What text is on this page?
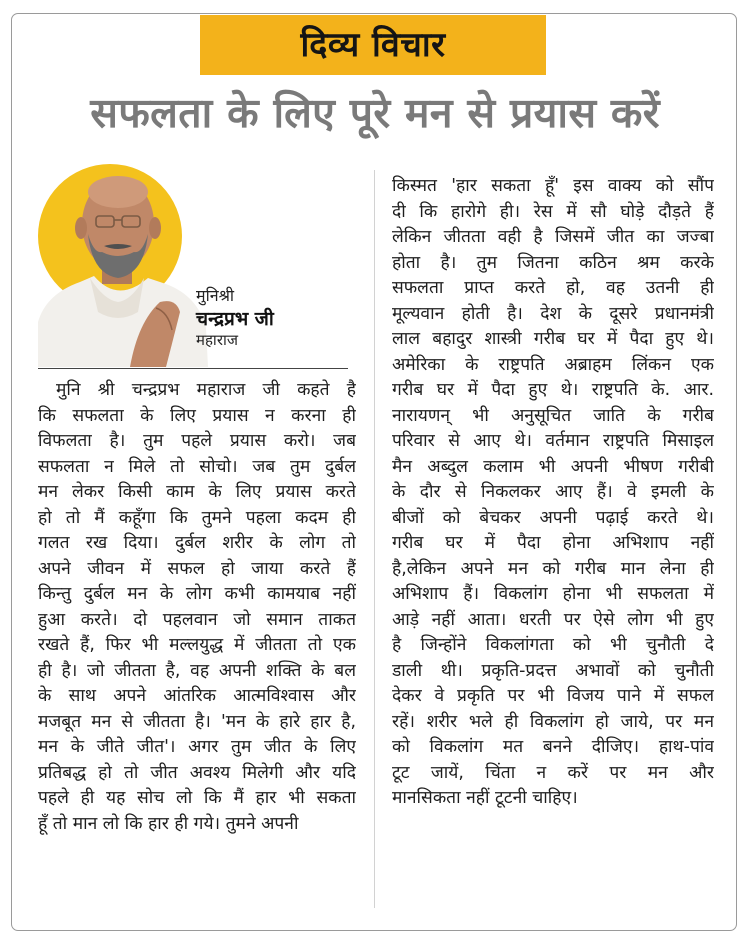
दिव्य विचार
सफलता के लिए पूरे मन से प्रयास करें
मुनिश्री
चन्द्रप्रभ जी
महाराज
मुनि श्री चन्द्रप्रभ महाराज जी कहते है
कि सफलता के लिए प्रयास न करना ही
विफलता है। तुम पहले प्रयास करो। जब
सफलता न मिले तो सोचो। जब तुम दुर्बल
मन लेकर किसी काम के लिए प्रयास करते
हो तो मैं कहूँगा कि तुमने पहला कदम ही
गलत रख दिया। दुर्बल शरीर के लोग तो
अपने जीवन में सफल हो जाया करते हैं
किन्तु दुर्बल मन के लोग कभी कामयाब नहीं
हुआ करते। दो पहलवान जो समान ताकत
रखते हैं, फिर भी मल्लयुद्ध में जीतता तो एक
ही है। जो जीतता है, वह अपनी शक्ति के बल
के साथ अपने आंतरिक आत्मविश्वास और
मजबूत मन से जीतता है। 'मन के हारे हार है,
मन के जीते जीत'। अगर तुम जीत के लिए
प्रतिबद्ध हो तो जीत अवश्य मिलेगी और यदि
पहले ही यह सोच लो कि मैं हार भी सकता
हूँ तो मान लो कि हार ही गये। तुमने अपनी
किस्मत 'हार सकता हूँ' इस वाक्य को सौंप
दी कि हारोगे ही। रेस में सौ घोड़े दौड़ते हैं
लेकिन जीतता वही है जिसमें जीत का जज्बा
होता है। तुम जितना कठिन श्रम करके
सफलता प्राप्त करते हो, वह उतनी ही
मूल्यवान होती है। देश के दूसरे प्रधानमंत्री
लाल बहादुर शास्त्री गरीब घर में पैदा हुए थे।
अमेरिका के राष्ट्रपति अब्राहम लिंकन एक
गरीब घर में पैदा हुए थे। राष्ट्रपति के. आर.
नारायणन् भी अनुसूचित जाति के गरीब
परिवार से आए थे। वर्तमान राष्ट्रपति मिसाइल
मैन अब्दुल कलाम भी अपनी भीषण गरीबी
के दौर से निकलकर आए हैं। वे इमली के
बीजों को बेचकर अपनी पढ़ाई करते थे।
गरीब घर में पैदा होना अभिशाप नहीं
है,लेकिन अपने मन को गरीब मान लेना ही
अभिशाप हैं। विकलांग होना भी सफलता में
आड़े नहीं आता। धरती पर ऐसे लोग भी हुए
है जिन्होंने विकलांगता को भी चुनौती दे
डाली थी। प्रकृति-प्रदत्त अभावों को चुनौती
देकर वे प्रकृति पर भी विजय पाने में सफल
रहें। शरीर भले ही विकलांग हो जाये, पर मन
को विकलांग मत बनने दीजिए। हाथ-पांव
टूट जायें, चिंता न करें पर मन और
मानसिकता नहीं टूटनी चाहिए।
